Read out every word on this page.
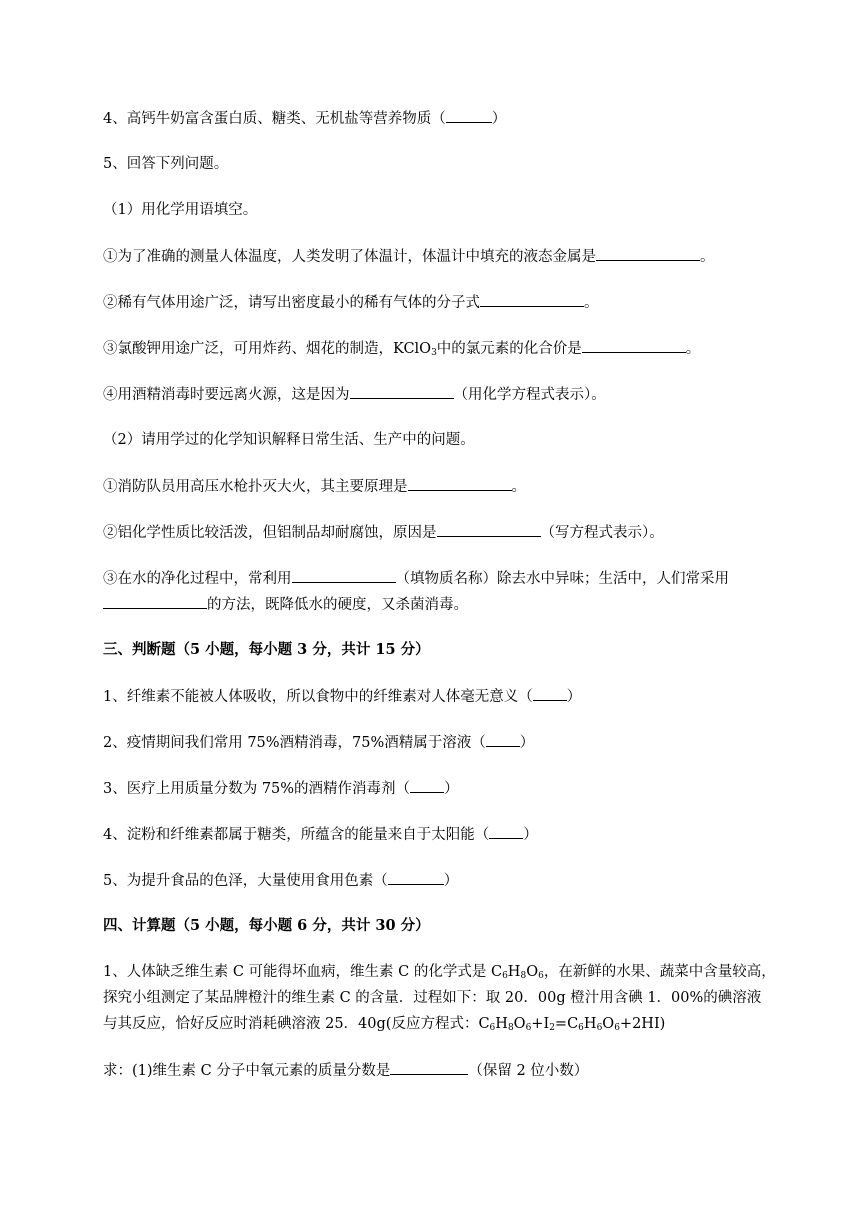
4、高钙牛奶富含蛋白质、糖类、无机盐等营养物质（	）
5、回答下列问题。
（1）用化学用语填空。
①为了准确的测量人体温度，人类发明了体温计，体温计中填充的液态金属是	。
②稀有气体用途广泛，请写出密度最小的稀有气体的分子式	。
③氯酸钾用途广泛，可用炸药、烟花的制造，KClO$_3$中的氯元素的化合价是	。
④用酒精消毒时要远离火源，这是因为	（用化学方程式表示）。
（2）请用学过的化学知识解释日常生活、生产中的问题。
①消防队员用高压水枪扑灭大火，其主要原理是	。
②铝化学性质比较活泼，但铝制品却耐腐蚀，原因是	（写方程式表示）。
③在水的净化过程中，常利用	（填物质名称）除去水中异味；生活中，人们常采用
的方法，既降低水的硬度，又杀菌消毒。
三、判断题（5 小题，每小题 3 分，共计 15 分）
1、纤维素不能被人体吸收，所以食物中的纤维素对人体毫无意义（ ）
2、疫情期间我们常用 75%酒精消毒，75%酒精属于溶液（ ）
3、医疗上用质量分数为 75%的酒精作消毒剂（ ）
4、淀粉和纤维素都属于糖类，所蕴含的能量来自于太阳能（ ）
5、为提升食品的色泽，大量使用食用色素（	）
四、计算题（5 小题，每小题 6 分，共计 30 分）
1、人体缺乏维生素 C 可能得坏血病，维生素 C 的化学式是 $C_6H_8O_6$，在新鲜的水果、蔬菜中含量较高，
探究小组测定了某品牌橙汁的维生素 C 的含量．过程如下：取 20．00g 橙汁用含碘 1．00%的碘溶液
与其反应，恰好反应时消耗碘溶液 25．40g(反应方程式：$C_6H_8O_6+I_2=C_6H_6O_6+2HI$)
求：(1)维生素 C 分子中氧元素的质量分数是	（保留 2 位小数）
